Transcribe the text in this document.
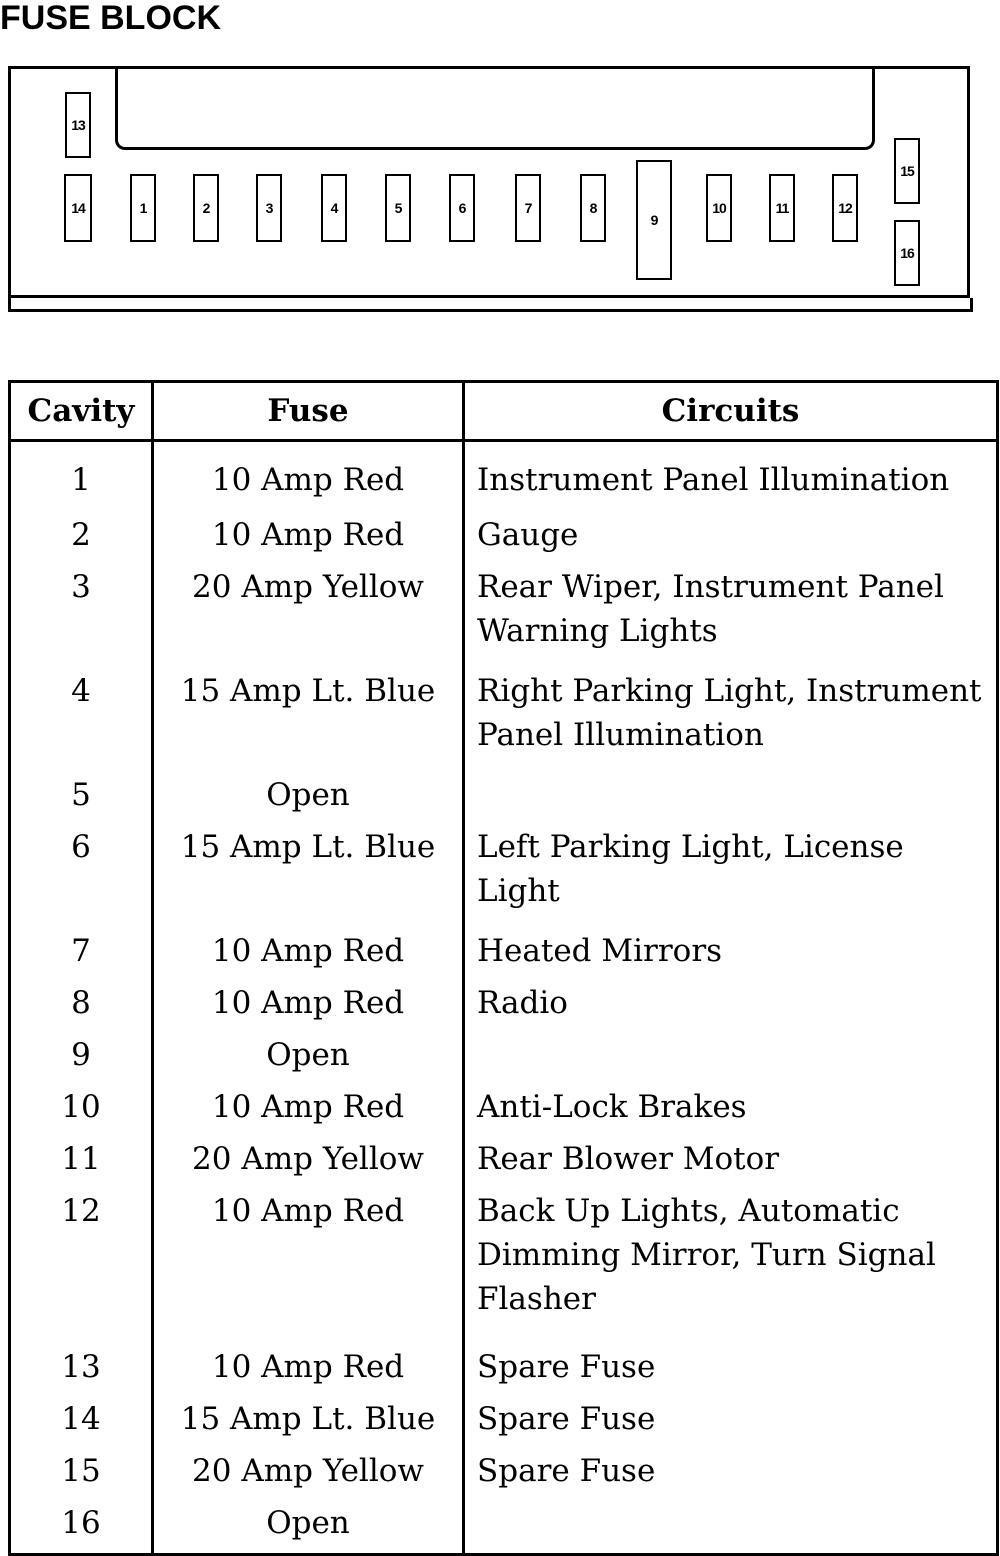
FUSE BLOCK
13
14	1	2	3	4	5	6	7	8
9
10	11	12
15
16
Cavity	Fuse	Circuits
1	10 Amp Red	Instrument Panel Illumination
2	10 Amp Red	Gauge
3	20 Amp Yellow	Rear Wiper, Instrument Panel Warning Lights
4	15 Amp Lt. Blue	Right Parking Light, Instrument Panel Illumination
5	Open	
6	15 Amp Lt. Blue	Left Parking Light, License Light
7	10 Amp Red	Heated Mirrors
8	10 Amp Red	Radio
9	Open	
10	10 Amp Red	Anti-Lock Brakes
11	20 Amp Yellow	Rear Blower Motor
12	10 Amp Red	Back Up Lights, Automatic Dimming Mirror, Turn Signal Flasher
13	10 Amp Red	Spare Fuse
14	15 Amp Lt. Blue	Spare Fuse
15	20 Amp Yellow	Spare Fuse
16	Open	
